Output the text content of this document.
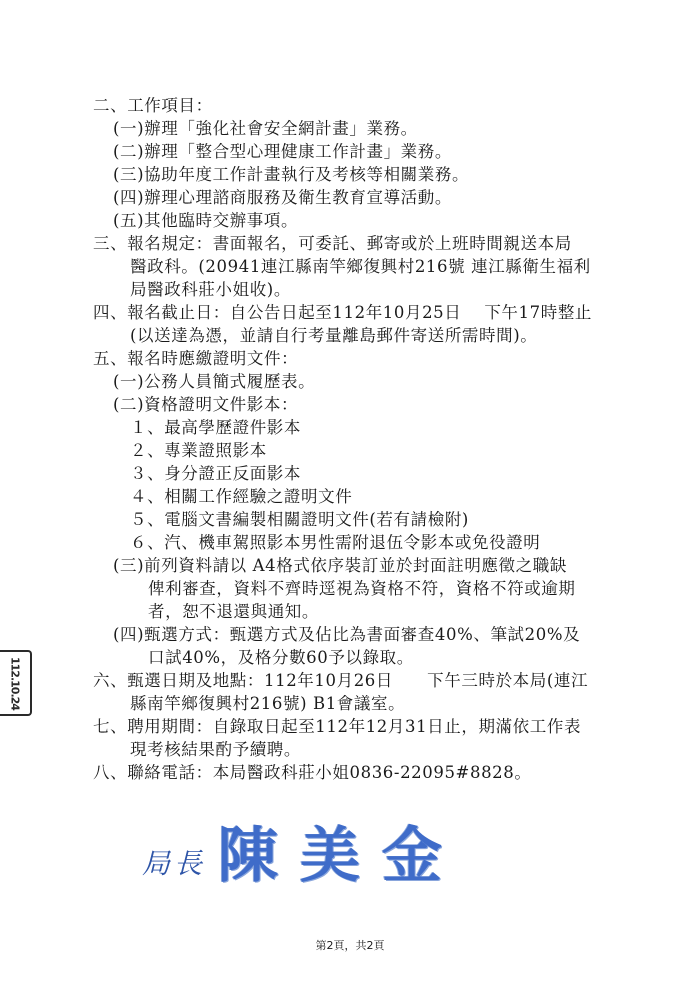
二、工作項目：
(一)辦理「強化社會安全網計畫」業務。
(二)辦理「整合型心理健康工作計畫」業務。
(三)協助年度工作計畫執行及考核等相關業務。
(四)辦理心理諮商服務及衛生教育宣導活動。
(五)其他臨時交辦事項。
三、報名規定：書面報名，可委託、郵寄或於上班時間親送本局
醫政科。(20941連江縣南竿鄉復興村216號 連江縣衛生福利
局醫政科莊小姐收)。
四、報名截止日：自公告日起至112年10月25日　 下午17時整止
(以送達為憑，並請自行考量離島郵件寄送所需時間)。
五、報名時應繳證明文件：
(一)公務人員簡式履歷表。
(二)資格證明文件影本：
１、最高學歷證件影本
２、專業證照影本
３、身分證正反面影本
４、相關工作經驗之證明文件
５、電腦文書編製相關證明文件(若有請檢附)
６、汽、機車駕照影本男性需附退伍令影本或免役證明
(三)前列資料請以 A4格式依序裝訂並於封面註明應徵之職缺
俾利審查，資料不齊時逕視為資格不符，資格不符或逾期
者，恕不退還與通知。
(四)甄選方式：甄選方式及佔比為書面審查40%、筆試20%及
口試40%，及格分數60予以錄取。
六、甄選日期及地點：112年10月26日　　下午三時於本局(連江
縣南竿鄉復興村216號) B1會議室。
七、聘用期間：自錄取日起至112年12月31日止，期滿依工作表
現考核結果酌予續聘。
八、聯絡電話：本局醫政科莊小姐0836-22095#8828。
112.10.24
局長 陳美金
第2頁，共2頁
